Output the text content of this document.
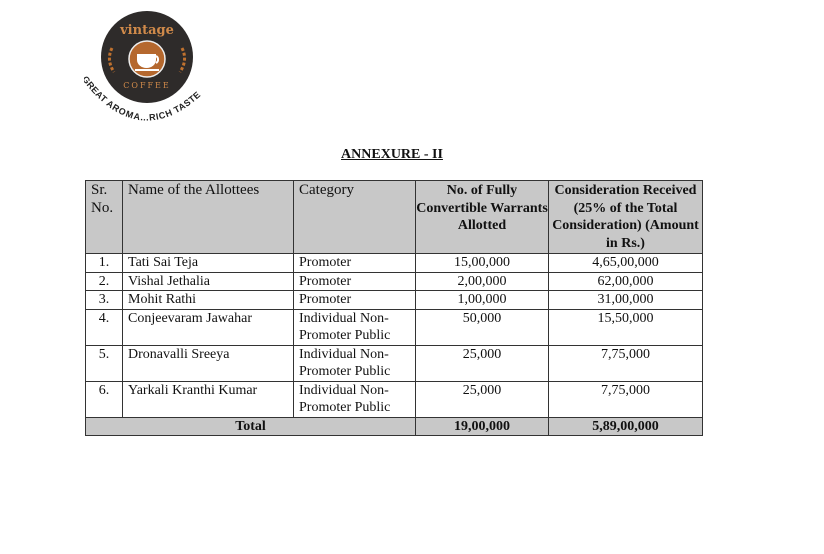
vintage
COFFEE
REAT AROMA...RICH TASTE
ANNEXURE - II
Sr. No.	Name of the Allottees	Category	No. of Fully Convertible Warrants Allotted	Consideration Received (25% of the Total Consideration) (Amount in Rs.)
1.	Tati Sai Teja	Promoter	15,00,000	4,65,00,000
2.	Vishal Jethalia	Promoter	2,00,000	62,00,000
3.	Mohit Rathi	Promoter	1,00,000	31,00,000
4.	Conjeevaram Jawahar	Individual Non-Promoter Public	50,000	15,50,000
5.	Dronavalli Sreeya	Individual Non-Promoter Public	25,000	7,75,000
6.	Yarkali Kranthi Kumar	Individual Non-Promoter Public	25,000	7,75,000
Total			19,00,000	5,89,00,000
